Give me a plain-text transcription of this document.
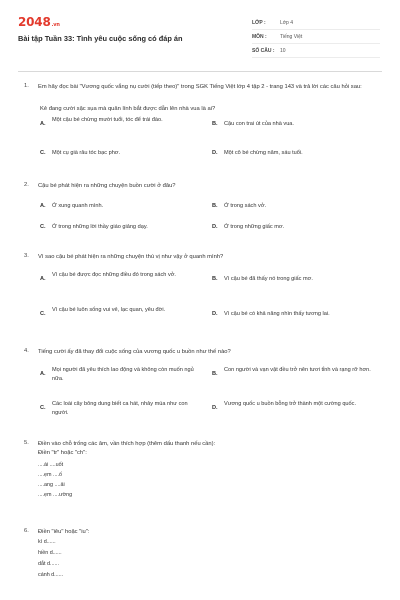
2048.vn
Bài tập Tuần 33: Tình yêu cuộc sống có đáp án
LỚP :	Lớp 4
MÔN :	Tiếng Việt
SỐ CÂU :	10
1. Em hãy đọc bài "Vương quốc vắng nụ cười (tiếp theo)" trong SGK Tiếng Việt lớp 4 tập 2 - trang 143 và trả lời các câu hỏi sau:
Kẻ đang cười sặc sụa mà quân lính bắt được dẫn lên nhà vua là ai?
A.
Một cậu bé chừng mười tuổi, tóc để trái đào.
B. Cậu con trai út của nhà vua.
C. Một cụ già râu tóc bạc phơ.	D. Một cô bé chừng năm, sáu tuổi.
2. Cậu bé phát hiện ra những chuyện buồn cười ở đâu?
A. Ở xung quanh mình.	B. Ở trong sách vở.
C. Ở trong những lời thầy giáo giảng dạy.	D. Ở trong những giấc mơ.
3. Vì sao cậu bé phát hiện ra những chuyện thú vị như vậy ở quanh mình?
A.
Vì cậu bé được đọc những điều đó trong sách vở.
B. Vì cậu bé đã thấy nó trong giấc mơ.
C.
Vì cậu bé luôn sống vui vẻ, lạc quan, yêu đời.
D. Vì cậu bé có khả năng nhìn thấy tương lai.
4. Tiếng cười ấy đã thay đổi cuộc sống của vương quốc u buồn như thế nào?
A.
Mọi người đã yêu thích lao động và không còn muốn ngủ nữa.
B.
Con người và vạn vật đều trở nên tươi tỉnh và rạng rỡ hơn.
C.
Các loài cây bông dung biết ca hát, nhảy múa như con người.
D.
Vương quốc u buồn bỗng trở thành một cường quốc.
5. Điền vào chỗ trống các âm, vần thích hợp (thêm dấu thanh nếu cần):
Điền "tr" hoặc "ch":
....ái ....uốt
....ẹm ....ố
....ang ....ải
....ẹm ....ường
6. Điền "iêu" hoặc "iu":
kì d......
hiền d......
dắt d......
cánh d......
